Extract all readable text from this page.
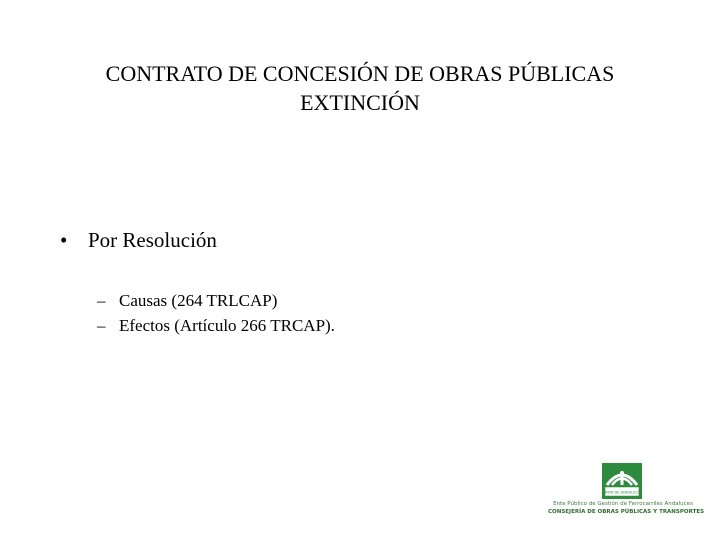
CONTRATO DE CONCESIÓN DE OBRAS PÚBLICAS
EXTINCIÓN
• Por Resolución
– Causas (264 TRLCAP)
– Efectos (Artículo 266 TRCAP).
JUNTA DE ANDALUCÍA
Ente Público de Gestión de Ferrocarriles Andaluces
CONSEJERÍA DE OBRAS PÚBLICAS Y TRANSPORTES
